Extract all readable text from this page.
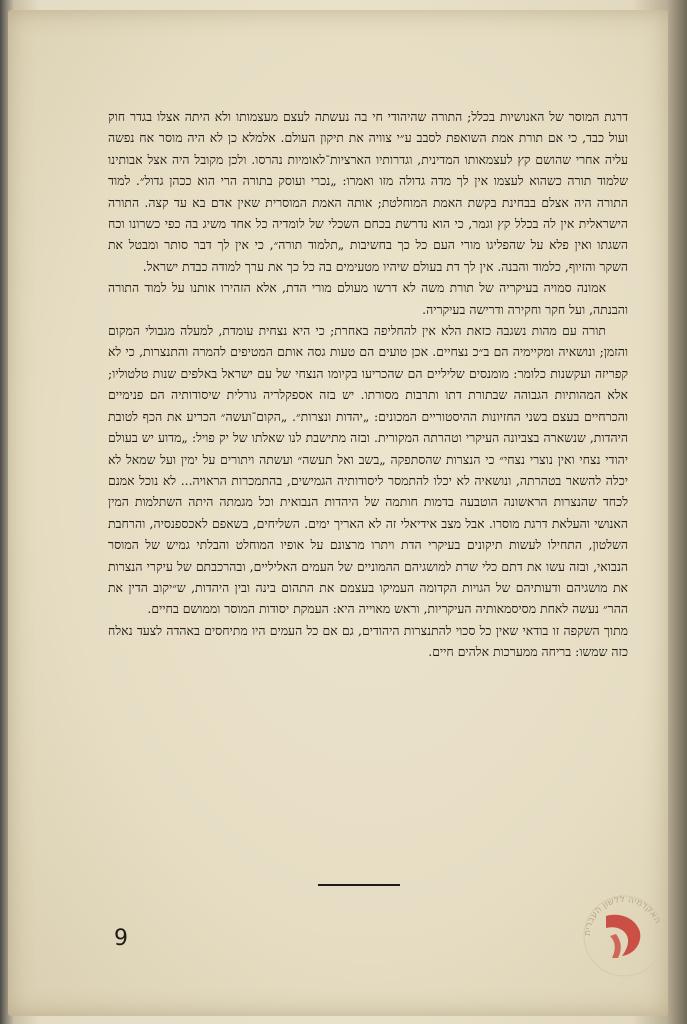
דרגת המוסר של האנושיות בכלל; התורה שהיהודי חי בה נעשתה לעצם מעצמותו ולא היתה אצלו בגדר חוק ועול כבד, כי אם תורת אמת השואפת לסבב ע״י צוויה את תיקון העולם. אלמלא כן לא היה מוסר אח נפשה עליה אחרי שהושם קץ לעצמאותו המדינית, וגדרותיו הארציות־לאומיות נהרסו. ולכן מקובל היה אצל אבותינו שלמוד תורה כשהוא לעצמו אין לך מדה גדולה מזו ואמרו: „נכרי ועוסק בתורה הרי הוא ככהן גדול״. למוד התורה היה אצלם בבחינת בקשת האמת המוחלטת; אותה האמת המוסרית שאין אדם בא עד קצה. התורה הישראלית אין לה בכלל קץ וגמר, כי הוא נדרשת בכחם השכלי של לומדיה כל אחד משיג בה כפי כשרונו וכח השגתו ואין פלא על שהפליגו מורי העם כל כך בחשיבות „תלמוד תורה״, כי אין לך דבר סותר ומבטל את השקר והזיוף, כלמוד והבנה. אין לך דת בעולם שיהיו מטעימים בה כל כך את ערך למודה כבדת ישראל.

אמונה סמויה בעיקריה של תורת משה לא דרשו מעולם מורי הדת, אלא הזהירו אותנו על למוד התורה והבנתה, ועל חקר וחקירה ודרישה בעיקריה.

תורה עם מהות נשגבה כזאת הלא אין להחליפה באחרת; כי היא נצחית עומדת, למעלה מגבולי המקום והזמן; ונושאיה ומקיימיה הם ב״כ נצחיים. אכן טועים הם טעות גסה אותם המטיפים להמרה והתנצרות, כי לא קפריזה ועקשנות כלומר: מומנסים שליליים הם שהכריעו בקיומו הנצחי של עם ישראל באלפים שנות טלטוליו; אלא המהותיות הגבוהה שבתורת דתו ותרבות מסורתו. יש בזה אספקלריה גורלית שיסודותיה הם פנימיים והכרחיים בעצם בשני החזיונות ההיסטוריים המכונים: „יהדות ונצרות״. „הקום־ועשה״ הכריע את הכף לטובת היהדות, שנשארה בצביונה העיקרי וטהרתה המקורית. ובזה מתישבת לנו שאלתו של יק פויל: „מדוע יש בעולם יהודי נצחי ואין נוצרי נצחי״ כי הנצרות שהסתפקה „בשב ואל תעשה״ ועשתה ויתורים על ימין ועל שמאל לא יכלה להשאר בטהרתה, ונושאיה לא יכלו להתמסר ליסודותיה הגמישים, בהתמכרות הראויה... לא נוכל אמנם לכחד שהנצרות הראשונה הוטבעה בדמות חותמה של היהדות הנבואית וכל מגמתה היתה השתלמות המין האנושי והעלאת דרגת מוסרו. אבל מצב אידיאלי זה לא האריך ימים. השליחים, בשאפם לאכספנסיה, והרחבת השלטון, התחילו לעשות תיקונים בעיקרי הדת ויתרו מרצונם על אופיו המוחלט והבלתי גמיש של המוסר הנבואי, ובזה עשו את דתם כלי שרת למושגיהם ההמוניים של העמים האליליים, ובהרכבתם של עיקרי הנצרות את מושגיהם ודעותיהם של הגויות הקדומה העמיקו בעצמם את התהום בינה ובין היהדות, ש״יקוב הדין את ההר״ נעשה לאחת מסיסמאותיה העיקריות, וראש מאוייה היא: העמקת יסודות המוסר וממושם בחיים.

מתוך השקפה זו בודאי שאין כל סכוי להתנצרות היהודים, גם אם כל העמים היו מתיחסים באהדה לצעד נאלח כזה שמשו: בריחה ממערכות אלהים חיים.

9	האקדמיה ללשון העברית
